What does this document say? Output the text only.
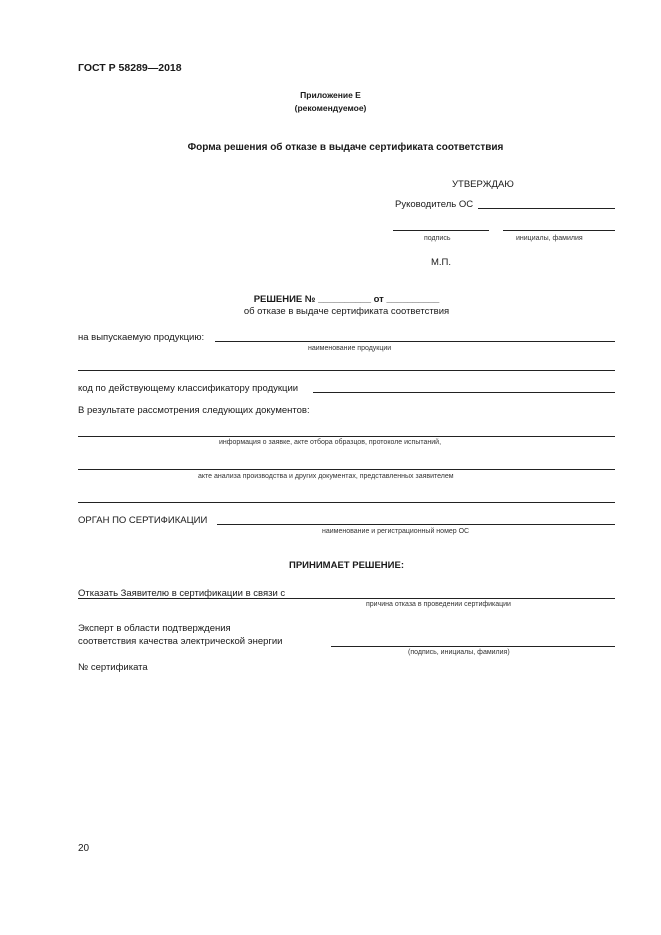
ГОСТ Р 58289—2018
Приложение Е
(рекомендуемое)
Форма решения об отказе в выдаче сертификата соответствия
УТВЕРЖДАЮ
Руководитель ОС
подпись	инициалы, фамилия
М.П.
РЕШЕНИЕ № __________ от __________
об отказе в выдаче сертификата соответствия
на выпускаемую продукцию:
наименование продукции
код по действующему классификатору продукции
В результате рассмотрения следующих документов:
информация о заявке, акте отбора образцов, протоколе испытаний,
акте анализа производства и других документах, представленных заявителем
ОРГАН ПО СЕРТИФИКАЦИИ
наименование и регистрационный номер ОС
ПРИНИМАЕТ РЕШЕНИЕ:
Отказать Заявителю в сертификации в связи с
причина отказа в проведении сертификации
Эксперт в области подтверждения
соответствия качества электрической энергии
(подпись, инициалы, фамилия)
№ сертификата
20
